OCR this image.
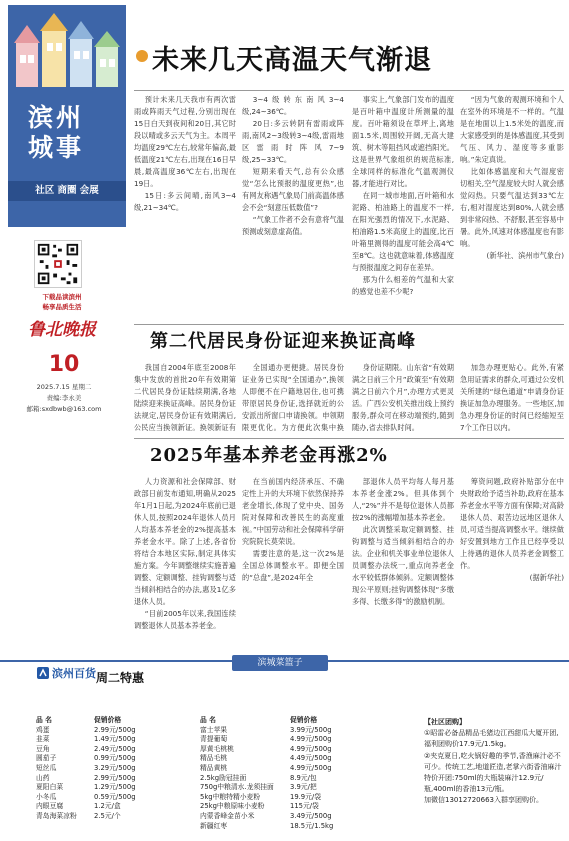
滨州
城事
社区 商圈 会展
下载品读滨州
畅享品质生活
鲁北晚报
10
2025.7.15 星期二
责编:李永美
邮箱:sxdbwb@163.com
未来几天高温天气渐退

预计未来几天我市有两次雷雨或阵雨天气过程,分别出现在15日白天到夜间和20日,其它时段以晴或多云天气为主。本周平均温度29℃左右,较常年偏高,最低温度21℃左右,出现在16日早晨,最高温度36℃左右,出现在19日。

15日:多云间晴,南风3~4级,21~34℃。

3~4级转东南风3~4级,24~36℃。

20日:多云转阴有雷雨或阵雨,南风2~3级转3~4级,雷雨地区雷雨时阵风7~9级,25~33℃。

短期来看天气,总有公众感觉“怎么比预报的温度更热”,也有网友称遇气象局门前高温体感会不会“刻意压低数值”?

“气象工作者不会有意将气温预测或刻意虚高值。

事实上,气象部门发布的温度是百叶箱中温度计所测量的温度。百叶箱须设在草坪上,离地面1.5米,周围较开阔,无高大建筑、树木等阻挡风或遮挡阳光。这是世界气象组织的规范标准,全球同样的标准化气温观测仪器,才能进行对比。

在同一城市地面,百叶箱和水泥路、柏油路上的温度不一样,在阳光强烈的情况下,水泥路、柏油路1.5米高度上的温度,比百叶箱里测得的温度可能会高4℃至8℃。这也就意味着,体感温度与预报温度之间存在差异。

那为什么相差的气温和大家的感觉也差不少呢?

“因为气象的观测环境和个人在室外的环境是不一样的。气温是在地面以上1.5米处的温度,而大家感受到的是体感温度,其受到气压、风力、湿度等多重影响。”朱定真说。

比如体感温度和大气湿度密切相关,空气湿度较大时人就会感觉闷热。只要气温达到33℃左右,相对湿度达到80%,人就会感到非常闷热、不舒服,甚至容易中暑。此外,风速对体感温度也有影响。

(新华社、滨州市气象台)

第二代居民身份证迎来换证高峰

我国自2004年底至2008年集中发放的首批20年有效期第二代居民身份证陆续期满,各地陆续迎来换证高峰。居民身份证法规定,居民身份证有效期满后,公民应当换领新证。换领新证有

全国通办更便捷。居民身份证业务已实现“全国通办”,换领人即便不在户籍地居住,也可携带原居民身份证,选择就近的公安派出所窗口申请换领。申领期限更优化。为方便此次集中换

身份证期限。山东省“有效期满之日前三个月”政策至“有效期满之日前六个月”,办理方式更灵活。广西公安机关推出线上预约服务,群众可在移动端预约,随到随办,省去排队时间。

加急办理更贴心。此外,有紧急用证需求的群众,可通过公安机关所建的“绿色通道”申请身份证换证加急办理服务。一些地区,加急办理身份证的时间已经缩短至7个工作日以内。

2025年基本养老金再涨2%

人力资源和社会保障部、财政部日前发布通知,明确从2025年1月1日起,为2024年底前已退休人员,按照2024年退休人员月人均基本养老金的2%提高基本养老金水平。除了上述,各省份将结合本地区实际,制定具体实施方案。今年调整继续实施普遍调整、定额调整、挂钩调整与适当倾斜相结合的办法,惠及1亿多退休人员。

“目前2005年以来,我国连续调整退休人员基本养老金。

在当前国内经济承压、不确定性上升的大环境下依然保持养老金增长,体现了党中央、国务院对保障和改善民生的高度重视。”中国劳动和社会保障科学研究院院长莫荣说。

需要注意的是,这一次2%是全国总体调整水平。即便全国的“总盘”,是2024年全

部退休人员平均每人每月基本养老金涨2%。但具体到个人,“2%”并不是每位退休人员都按2%的涨幅增加基本养老金。

此次调整采取定额调整、挂钩调整与适当倾斜相结合的办法。企业和机关事业单位退休人员调整办法统一,重点向养老金水平较低群体倾斜。定额调整体现公平原则;挂钩调整体现“多缴多得、长缴多得”的激励机制。

筹资问题,政府补贴部分在中央财政给予适当补助,政府在基本养老金水平等方面有保障;对高龄退休人员、艰苦边远地区退休人员,可适当提高调整水平。继续做好安置到地方工作且已经享受以上待遇的退休人员养老金调整工作。

(据新华社)

滨城菜篮子
滨州百货 周二特惠
品 名	促销价格
鸡蛋	2.99元/500g
韭菜	1.49元/500g
豆角	2.49元/500g
圆茄子	0.99元/500g
短丝瓜	3.29元/500g
山药	2.99元/500g
夏阳白菜	1.29元/500g
小冬瓜	0.59元/500g
内眼豆腐	1.2元/盒
青岛海菜凉粉	2.5元/个
品 名	促销价格
富士苹果	3.99元/500g
青提葡萄	4.99元/500g
厚黄毛桃桃	4.99元/500g
精品毛桃	4.49元/500g
精品黄桃	4.99元/500g
2.5kg励冠挂面	8.9元/包
750g中粮清水.龙须挂面	3.9元/把
5kg中粮特精小麦粉	19.9元/袋
25kg中粮原味小麦粉	115元/袋
内蒙香峰金苗小米	3.49元/500g
新疆红枣	18.5元/1.5kg
【社区团购】
①昭雷必备品精品毛猪边江西甜瓜大厦开团,福利团购价17.9元/1.5kg。
②夹克夏日,吃火锅好趣的季节,香渔麻汁必不可少。传统工艺,地道匠造,老掌六街香油麻汁特价开团:750ml的大瓶装麻汁12.9元/瓶,400ml的香油13元/瓶。
加微信13012720663入群享团购价。
